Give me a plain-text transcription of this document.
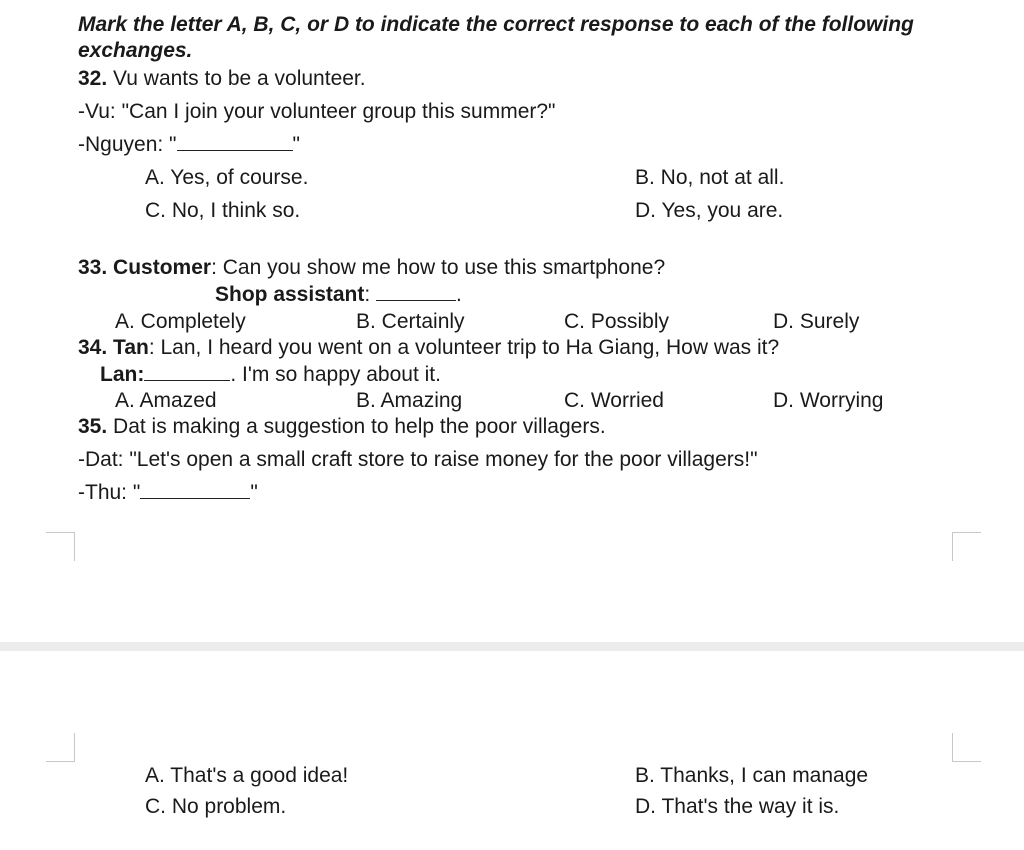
Mark the letter A, B, C, or D to indicate the correct response to each of the following
exchanges.
32. Vu wants to be a volunteer.
-Vu: "Can I join your volunteer group this summer?"
-Nguyen: "	"
A. Yes, of course.	B. No, not at all.
C. No, I think so.	D. Yes, you are.
33. Customer: Can you show me how to use this smartphone?
Shop assistant:	.
A. Completely	B. Certainly	C. Possibly	D. Surely
34. Tan: Lan, I heard you went on a volunteer trip to Ha Giang, How was it?
Lan:	. I'm so happy about it.
A. Amazed	B. Amazing	C. Worried	D. Worrying
35. Dat is making a suggestion to help the poor villagers.
-Dat: "Let's open a small craft store to raise money for the poor villagers!"
-Thu: "	"
A. That's a good idea!	B. Thanks, I can manage
C. No problem.	D. That's the way it is.
